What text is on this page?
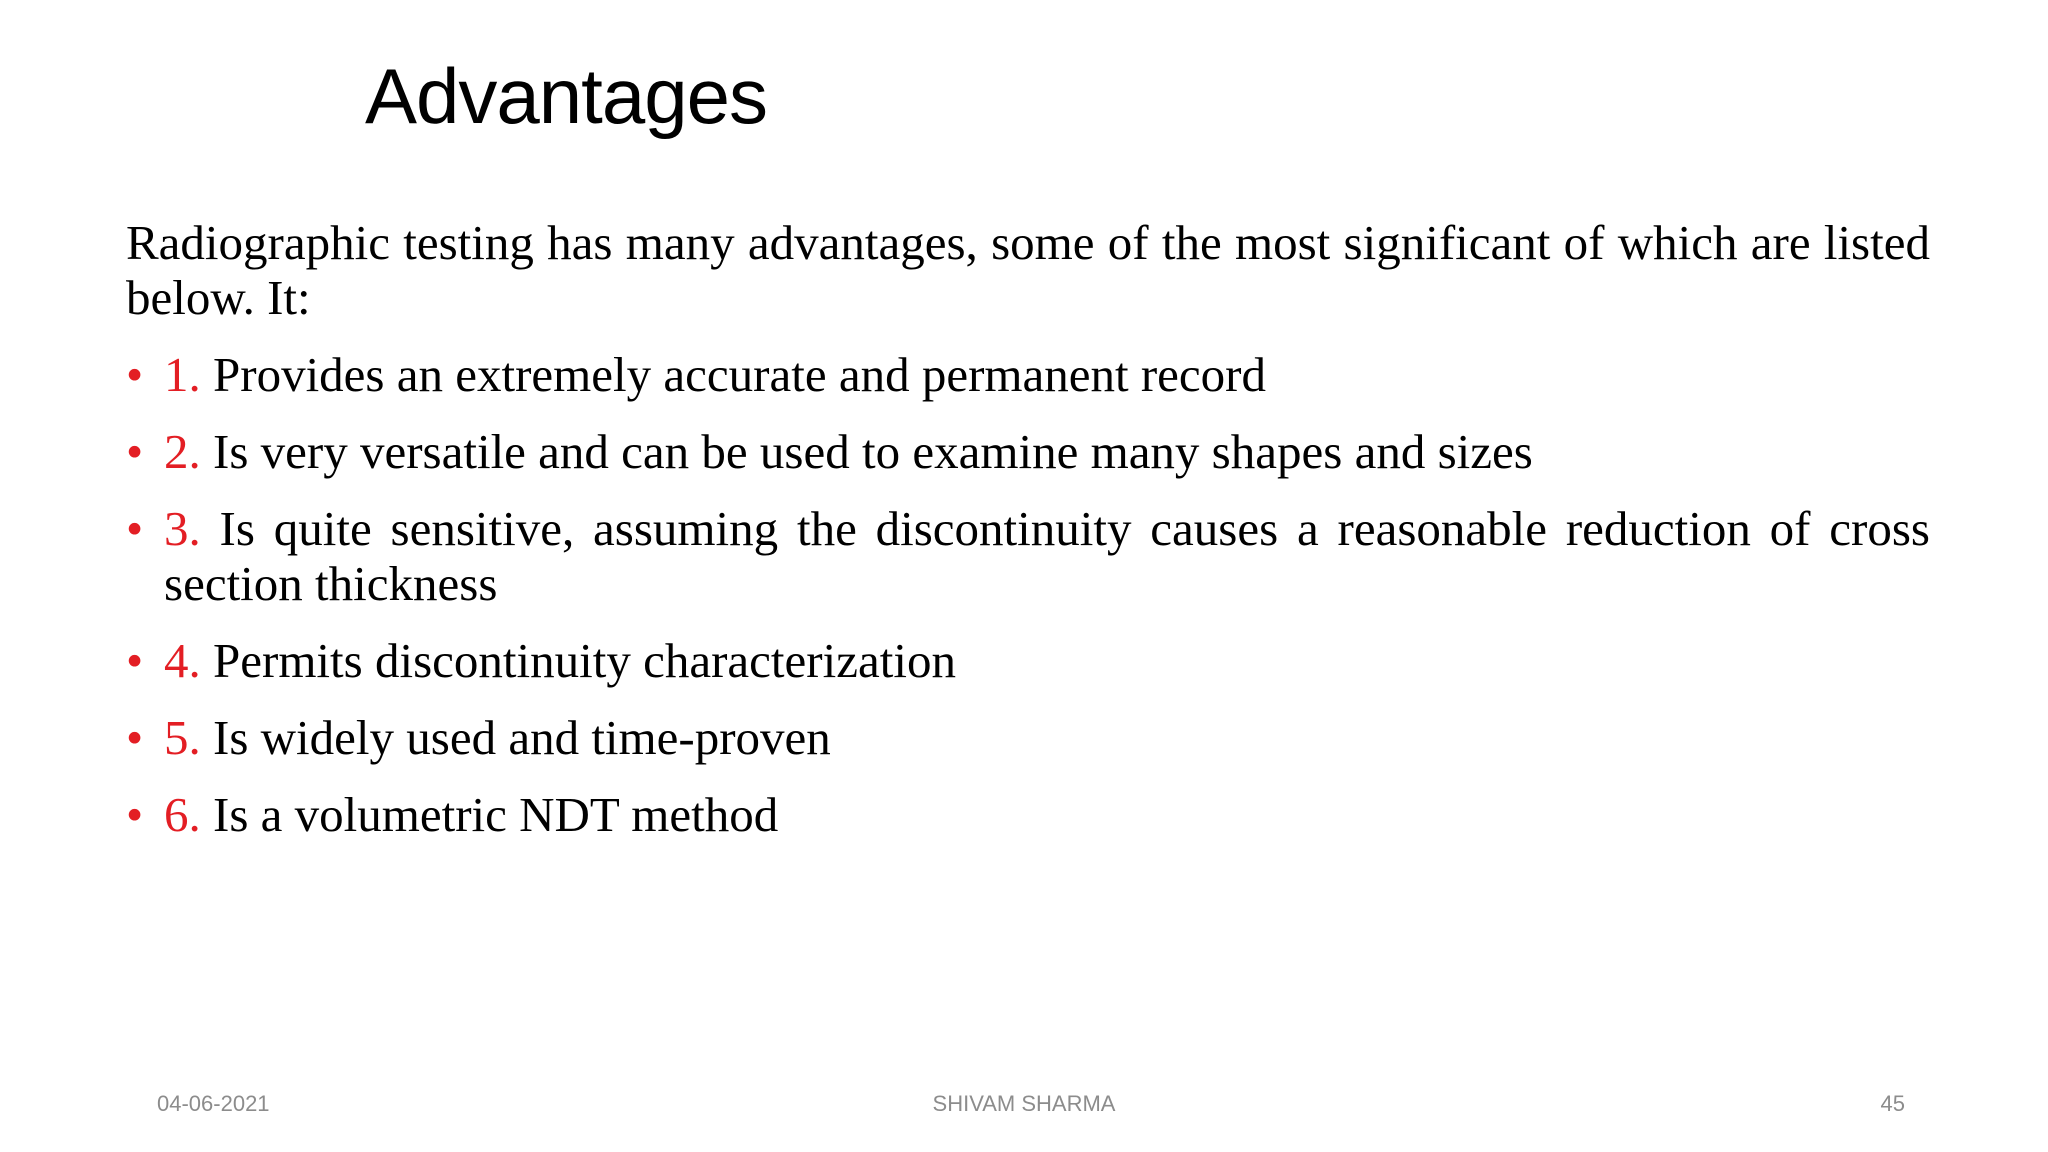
Advantages

Radiographic testing has many advantages, some of the most significant of which are listed below. It:

• 1. Provides an extremely accurate and permanent record
• 2. Is very versatile and can be used to examine many shapes and sizes
• 3. Is quite sensitive, assuming the discontinuity causes a reasonable reduction of cross section thickness
• 4. Permits discontinuity characterization
• 5. Is widely used and time-proven
• 6. Is a volumetric NDT method
04-06-2021	SHIVAM SHARMA	45
